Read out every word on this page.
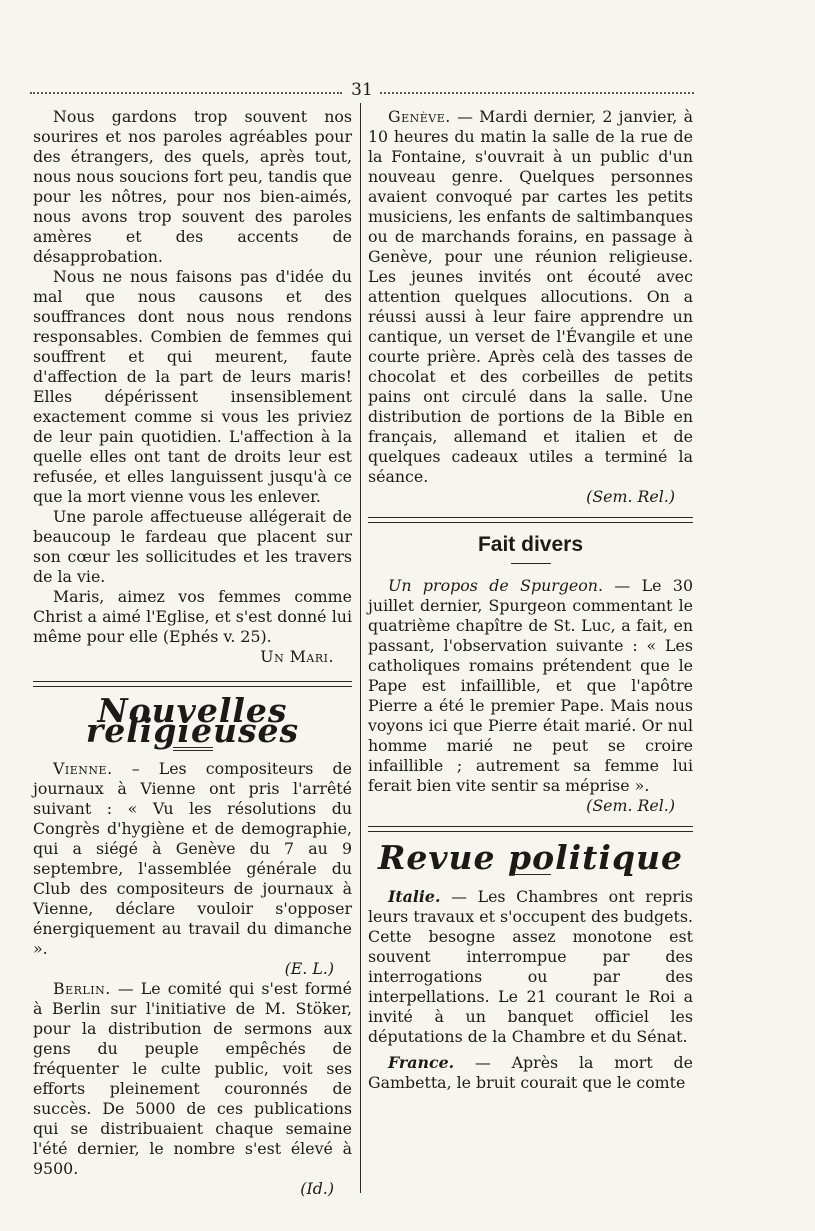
31

Nous gardons trop souvent nos sourires et nos paroles agréables pour des étrangers, des quels, après tout, nous nous soucions fort peu, tandis que pour les nôtres, pour nos bien-aimés, nous avons trop souvent des paroles amères et des accents de désapprobation.

Nous ne nous faisons pas d'idée du mal que nous causons et des souffrances dont nous nous rendons responsables. Combien de femmes qui souffrent et qui meurent, faute d'affection de la part de leurs maris! Elles dépérissent insensiblement exactement comme si vous les priviez de leur pain quotidien. L'affection à la quelle elles ont tant de droits leur est refusée, et elles languissent jusqu'à ce que la mort vienne vous les enlever.

Une parole affectueuse allégerait de beaucoup le fardeau que placent sur son cœur les sollicitudes et les travers de la vie.

Maris, aimez vos femmes comme Christ a aimé l'Eglise, et s'est donné lui même pour elle (Ephés v. 25).

Un Mari.

Nouvelles religieuses

Vienne. – Les compositeurs de journaux à Vienne ont pris l'arrêté suivant : « Vu les résolutions du Congrès d'hygiène et de demographie, qui a siégé à Genève du 7 au 9 septembre, l'assemblée générale du Club des compositeurs de journaux à Vienne, déclare vouloir s'opposer énergiquement au travail du dimanche ».

(E. L.)

Berlin. — Le comité qui s'est formé à Berlin sur l'initiative de M. Stöker, pour la distribution de sermons aux gens du peuple empêchés de fréquenter le culte public, voit ses efforts pleinement couronnés de succès. De 5000 de ces publications qui se distribuaient chaque semaine l'été dernier, le nombre s'est élevé à 9500.

(Id.)

Genève. — Mardi dernier, 2 janvier, à 10 heures du matin la salle de la rue de la Fontaine, s'ouvrait à un public d'un nouveau genre. Quelques personnes avaient convoqué par cartes les petits musiciens, les enfants de saltimbanques ou de marchands forains, en passage à Genève, pour une réunion religieuse. Les jeunes invités ont écouté avec attention quelques allocutions. On a réussi aussi à leur faire apprendre un cantique, un verset de l'Évangile et une courte prière. Après celà des tasses de chocolat et des corbeilles de petits pains ont circulé dans la salle. Une distribution de portions de la Bible en français, allemand et italien et de quelques cadeaux utiles a terminé la séance.

(Sem. Rel.)

Fait divers

Un propos de Spurgeon. — Le 30 juillet dernier, Spurgeon commentant le quatrième chapître de St. Luc, a fait, en passant, l'observation suivante : « Les catholiques romains prétendent que le Pape est infaillible, et que l'apôtre Pierre a été le premier Pape. Mais nous voyons ici que Pierre était marié. Or nul homme marié ne peut se croire infaillible ; autrement sa femme lui ferait bien vite sentir sa méprise ».

(Sem. Rel.)

Revue politique

Italie. — Les Chambres ont repris leurs travaux et s'occupent des budgets. Cette besogne assez monotone est souvent interrompue par des interrogations ou par des interpellations. Le 21 courant le Roi a invité à un banquet officiel les députations de la Chambre et du Sénat.

France. — Après la mort de Gambetta, le bruit courait que le comte
